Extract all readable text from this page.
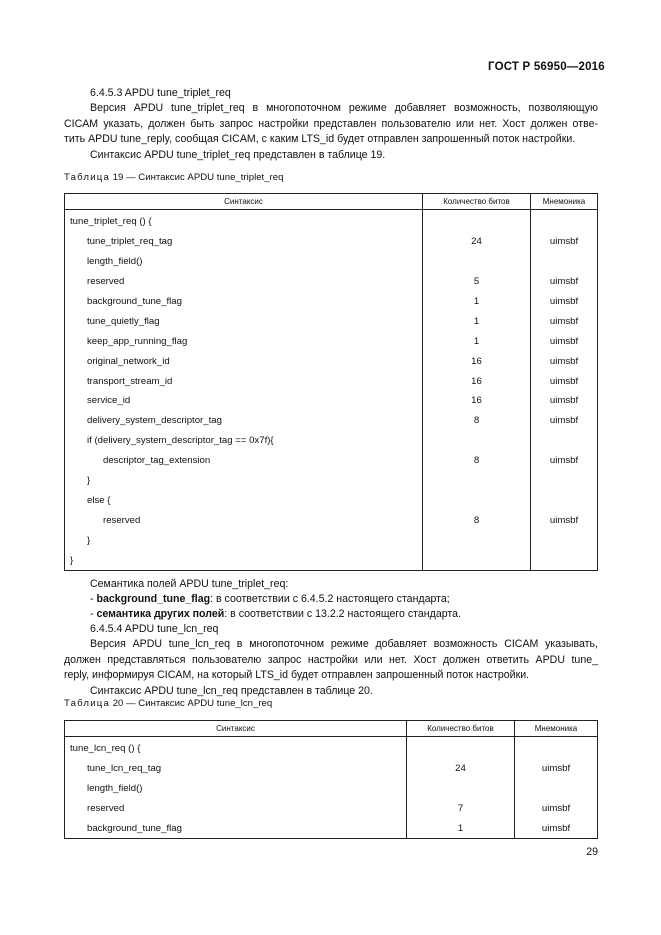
ГОСТ Р 56950—2016
6.4.5.3 APDU tune_triplet_req
Версия APDU tune_triplet_req в многопоточном режиме добавляет возможность, позволяющую
CICAM указать, должен быть запрос настройки представлен пользователю или нет. Хост должен отве-
тить APDU tune_reply, сообщая CICAM, с каким LTS_id будет отправлен запрошенный поток настройки.
Синтаксис APDU tune_triplet_req представлен в таблице 19.
Таблица 19 — Синтаксис APDU tune_triplet_req
Синтаксис	Количество битов	Мнемоника
tune_triplet_req () {		
tune_triplet_req_tag	24	uimsbf
length_field()		
reserved	5	uimsbf
background_tune_flag	1	uimsbf
tune_quietly_flag	1	uimsbf
keep_app_running_flag	1	uimsbf
original_network_id	16	uimsbf
transport_stream_id	16	uimsbf
service_id	16	uimsbf
delivery_system_descriptor_tag	8	uimsbf
if (delivery_system_descriptor_tag == 0x7f){		
descriptor_tag_extension	8	uimsbf
}		
else {		
reserved	8	uimsbf
}		
}		
Семантика полей APDU tune_triplet_req:
- background_tune_flag: в соответствии с 6.4.5.2 настоящего стандарта;
- семантика других полей: в соответствии с 13.2.2 настоящего стандарта.
6.4.5.4 APDU tune_lcn_req
Версия APDU tune_lcn_req в многопоточном режиме добавляет возможность CICAM указывать,
должен представляться пользователю запрос настройки или нет. Хост должен ответить APDU tune_
reply, информируя CICAM, на который LTS_id будет отправлен запрошенный поток настройки.
Синтаксис APDU tune_lcn_req представлен в таблице 20.
Таблица 20 — Синтаксис APDU tune_lcn_req
Синтаксис	Количество битов	Мнемоника
tune_lcn_req () {		
tune_lcn_req_tag	24	uimsbf
length_field()		
reserved	7	uimsbf
background_tune_flag	1	uimsbf
29
